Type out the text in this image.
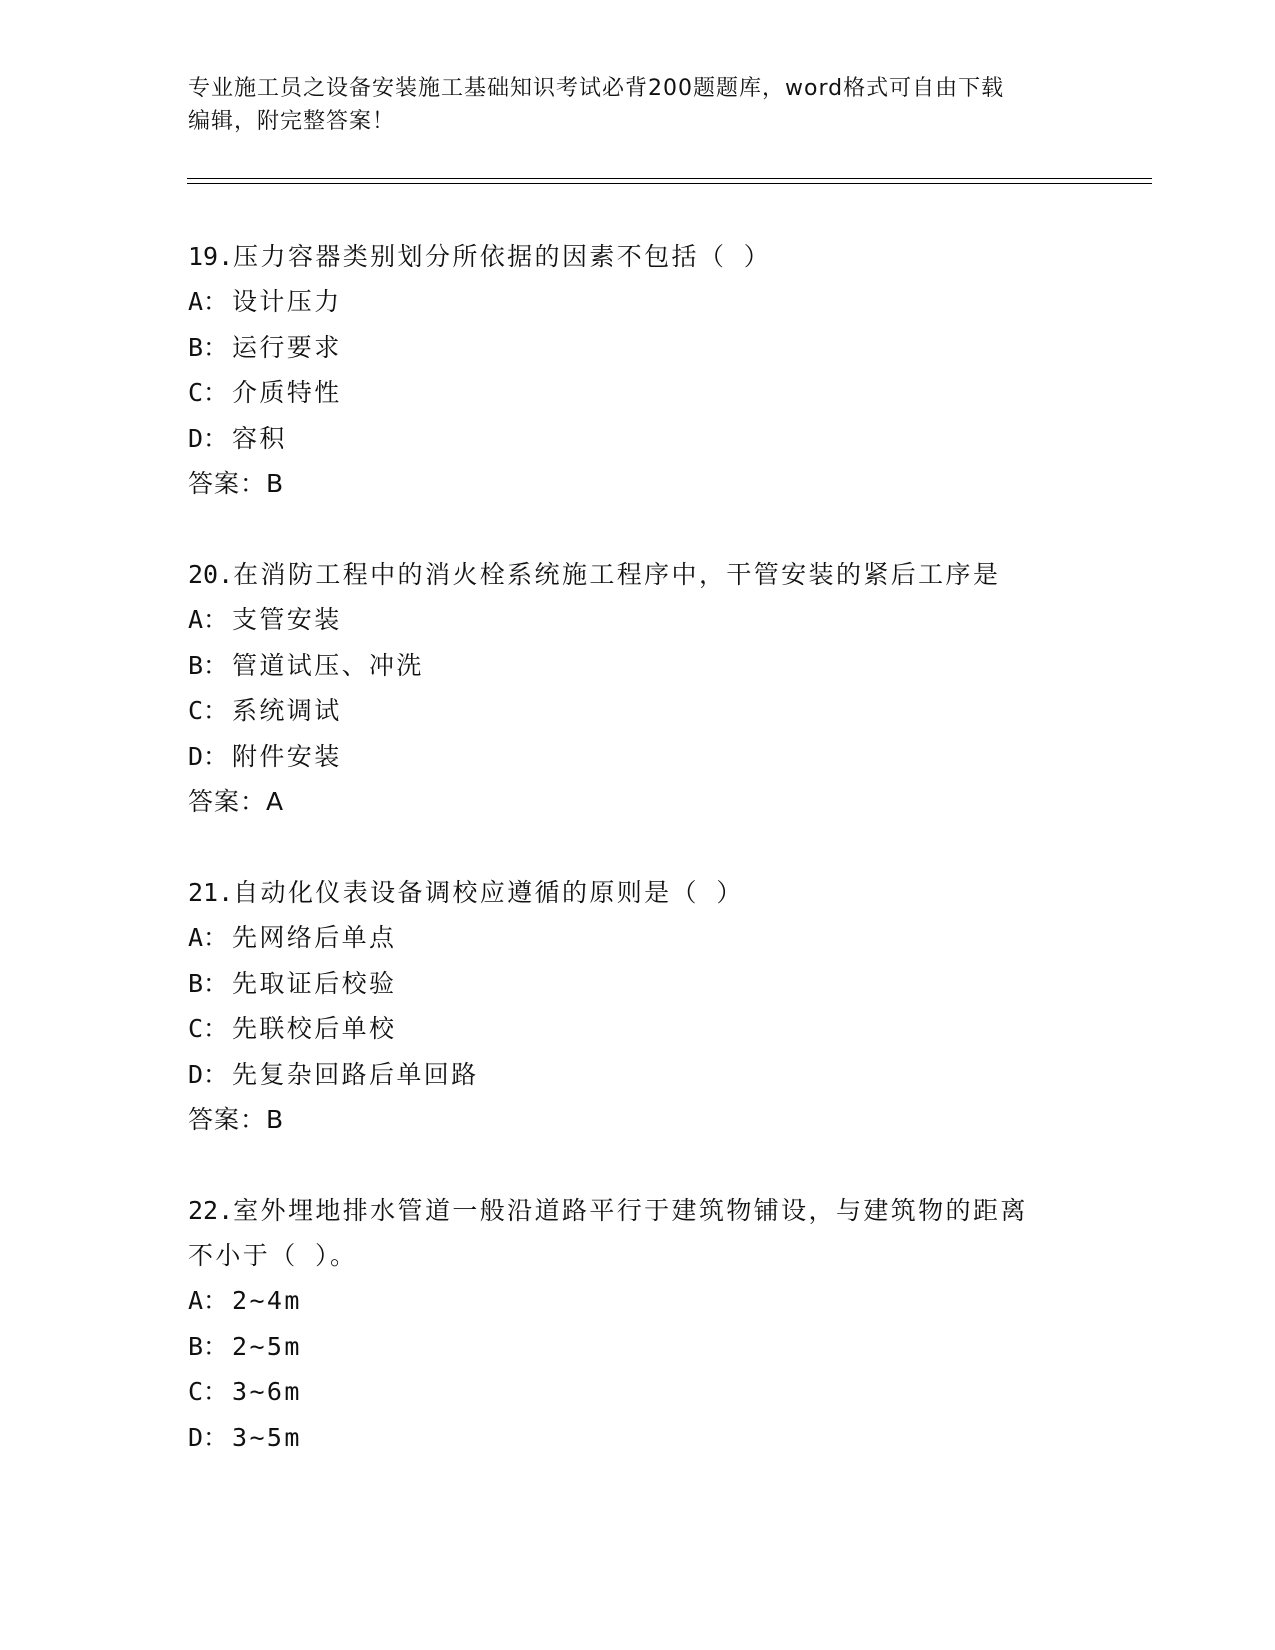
专业施工员之设备安装施工基础知识考试必背200题题库，word格式可自由下载
编辑，附完整答案！
19.压力容器类别划分所依据的因素不包括（ ）
A： 设计压力
B： 运行要求
C： 介质特性
D： 容积
答案：B
20.在消防工程中的消火栓系统施工程序中，干管安装的紧后工序是
A： 支管安装
B： 管道试压、冲洗
C： 系统调试
D： 附件安装
答案：A
21.自动化仪表设备调校应遵循的原则是（ ）
A： 先网络后单点
B： 先取证后校验
C： 先联校后单校
D： 先复杂回路后单回路
答案：B
22.室外埋地排水管道一般沿道路平行于建筑物铺设，与建筑物的距离
不小于（ ）。
A： 2~4m
B： 2~5m
C： 3~6m
D： 3~5m
